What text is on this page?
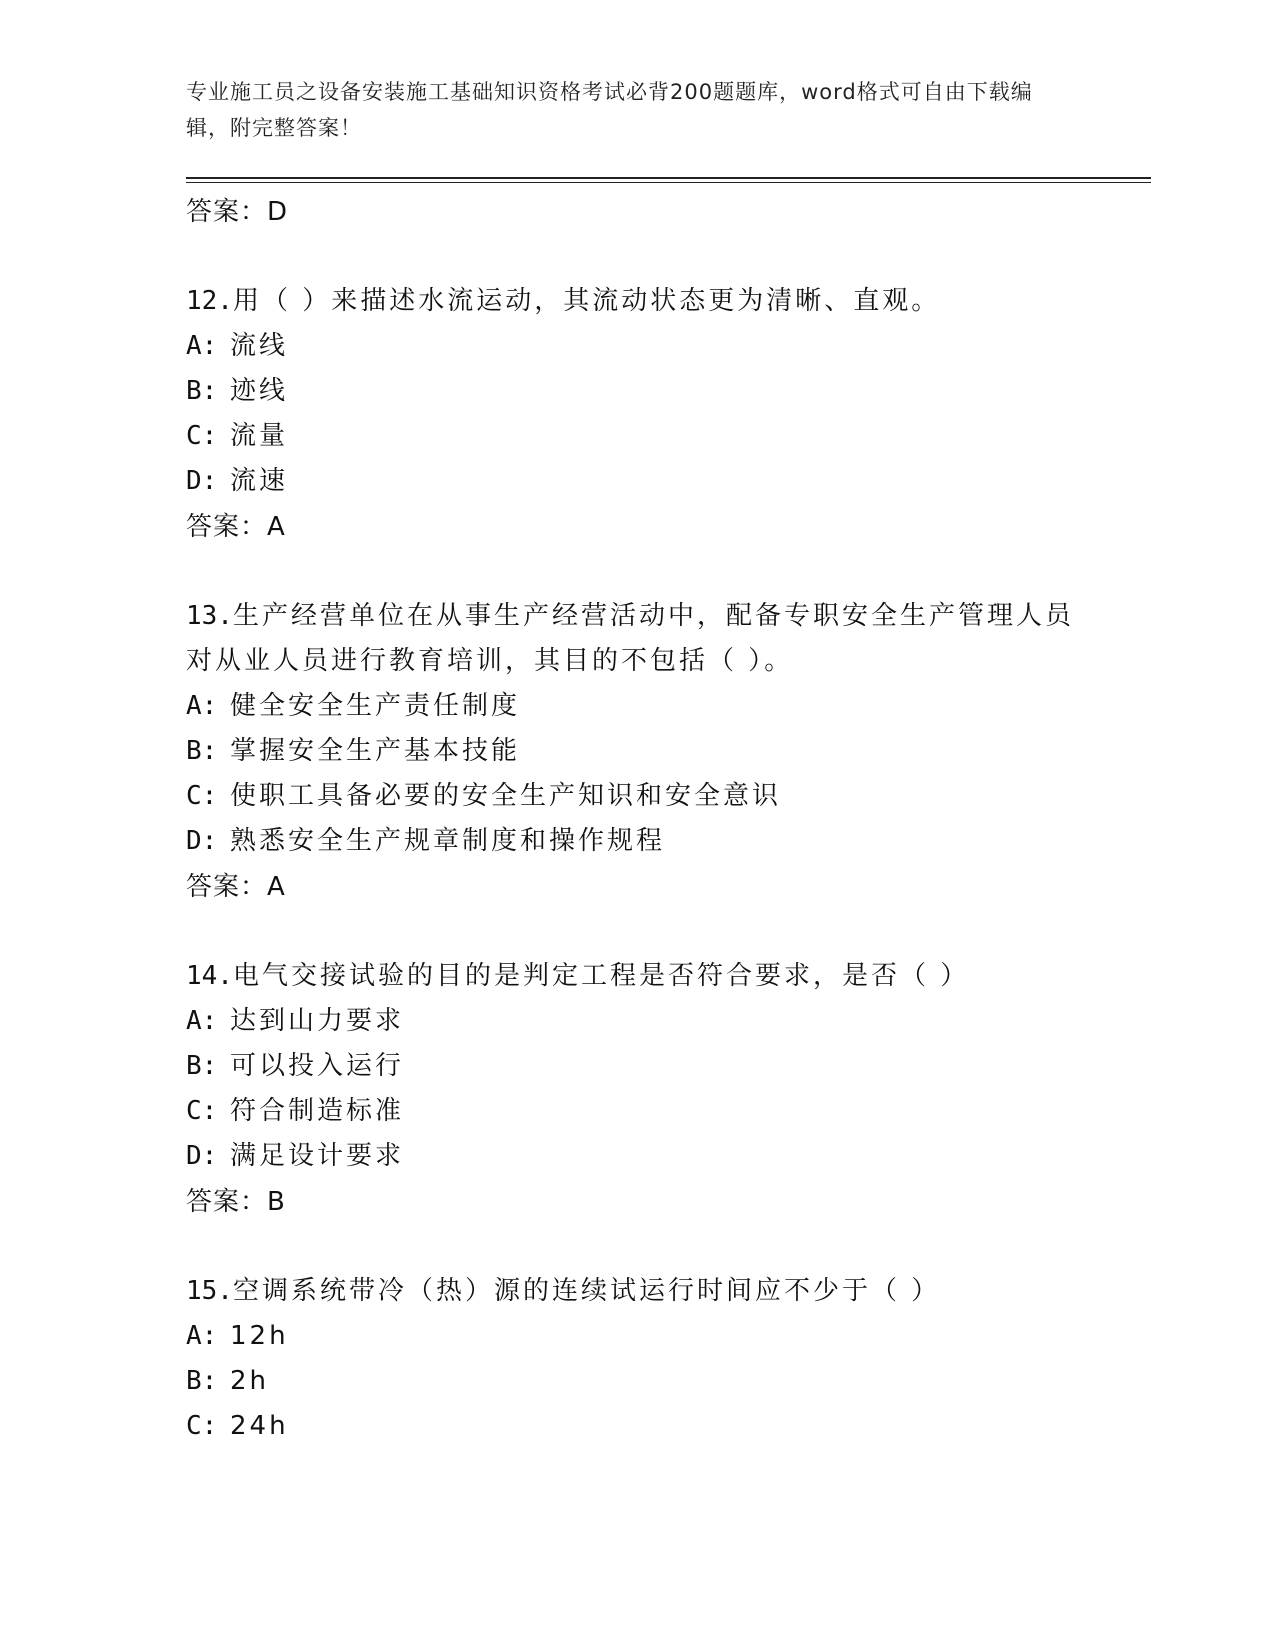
专业施工员之设备安装施工基础知识资格考试必背200题题库，word格式可自由下载编辑，附完整答案！
答案：D
12.用（ ）来描述水流运动，其流动状态更为清晰、直观。
A: 流线
B: 迹线
C: 流量
D: 流速
答案：A
13.生产经营单位在从事生产经营活动中，配备专职安全生产管理人员对从业人员进行教育培训，其目的不包括（ ）。
A: 健全安全生产责任制度
B: 掌握安全生产基本技能
C: 使职工具备必要的安全生产知识和安全意识
D: 熟悉安全生产规章制度和操作规程
答案：A
14.电气交接试验的目的是判定工程是否符合要求，是否（ ）
A: 达到山力要求
B: 可以投入运行
C: 符合制造标准
D: 满足设计要求
答案：B
15.空调系统带冷（热）源的连续试运行时间应不少于（ ）
A: 12h
B: 2h
C: 24h
